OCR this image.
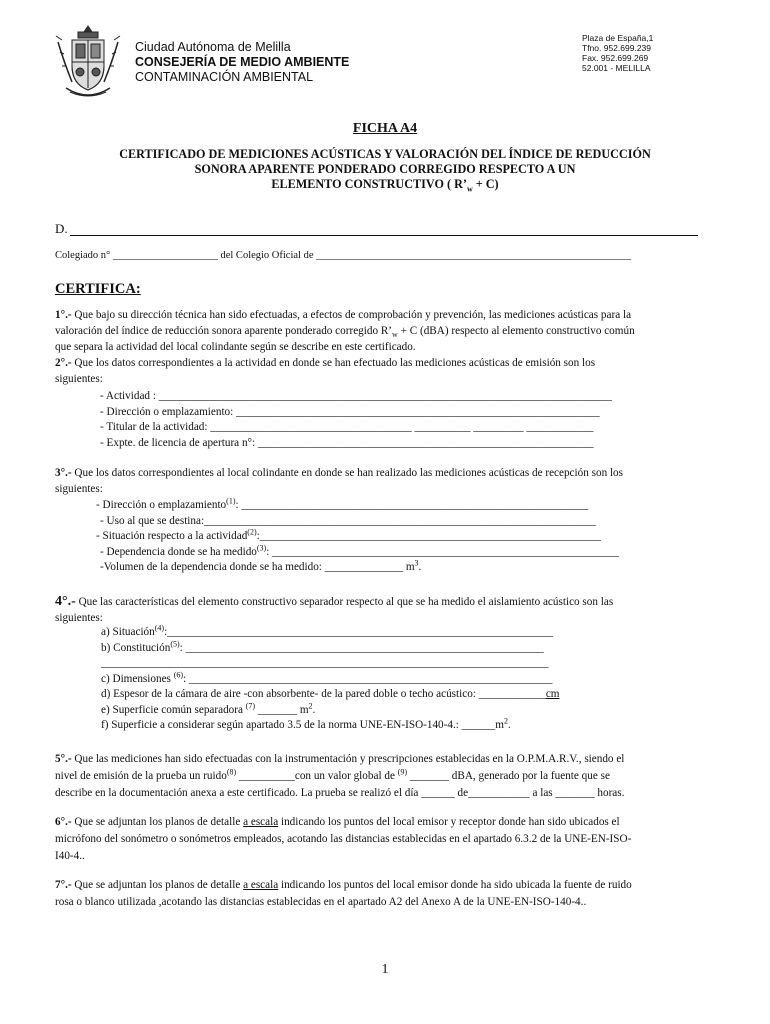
Ciudad Autónoma de Melilla
CONSEJERÍA DE MEDIO AMBIENTE
CONTAMINACIÓN AMBIENTAL
Plaza de España,1
Tfno. 952.699.239
Fax. 952.699.269
52.001 - MELILLA
FICHA A4
CERTIFICADO DE MEDICIONES ACÚSTICAS Y VALORACIÓN DEL ÍNDICE DE REDUCCIÓN
SONORA APARENTE PONDERADO CORREGIDO RESPECTO A UN
ELEMENTO CONSTRUCTIVO ( $R’_w + C$)
D.
Colegiado n° ____________________ del Colegio Oficial de ____________________________________________________________
CERTIFICA:
1°.- Que bajo su dirección técnica han sido efectuadas, a efectos de comprobación y prevención, las mediciones acústicas para la
valoración del índice de reducción sonora aparente ponderado corregido $R’_w + C$ (dBA) respecto al elemento constructivo común
que separa la actividad del local colindante según se describe en este certificado.
2°.- Que los datos correspondientes a la actividad en donde se han efectuado las mediciones acústicas de emisión son los
siguientes:
- Actividad : _________________________________________________________________________________
- Dirección o emplazamiento: _________________________________________________________________
- Titular de la actividad: ____________________________________ __________ _________ ____________
- Expte. de licencia de apertura n°: ____________________________________________________________
3°.- Que los datos correspondientes al local colindante en donde se han realizado las mediciones acústicas de recepción son los
siguientes:
- Dirección o emplazamiento$^{(1)}$: ______________________________________________________________
- Uso al que se destina:______________________________________________________________________
- Situación respecto a la actividad$^{(2)}$:_____________________________________________________________
- Dependencia donde se ha medido$^{(3)}$: ______________________________________________________________
-Volumen de la dependencia donde se ha medido: ______________ $m^3$.
4°.- Que las características del elemento constructivo separador respecto al que se ha medido el aislamiento acústico son las
siguientes:
a) Situación$^{(4)}$:_____________________________________________________________________
b) Constitución$^{(5)}$: ________________________________________________________________
________________________________________________________________________________
c) Dimensiones $^{(6)}$: _________________________________________________________________
d) Espesor de la cámara de aire -con absorbente- de la pared doble o techo acústico: ____________cm
e) Superficie común separadora $^{(7)}$ _______ $m^2$.
f) Superficie a considerar según apartado 3.5 de la norma UNE-EN-ISO-140-4.: $\_\_\_\_\_\_m^2$.
5°.- Que las mediciones han sido efectuadas con la instrumentación y prescripciones establecidas en la O.P.M.A.R.V., siendo el
nivel de emisión de la prueba un ruido$^{(8)}$ __________con un valor global de $^{(9)}$ _______ dBA, generado por la fuente que se
describe en la documentación anexa a este certificado. La prueba se realizó el día ______ de___________ a las _______ horas.
6°.- Que se adjuntan los planos de detalle a escala indicando los puntos del local emisor y receptor donde han sido ubicados el
micrófono del sonómetro o sonómetros empleados, acotando las distancias establecidas en el apartado 6.3.2 de la UNE-EN-ISO-
I40-4..
7°.- Que se adjuntan los planos de detalle a escala indicando los puntos del local emisor donde ha sido ubicada la fuente de ruido
rosa o blanco utilizada ,acotando las distancias establecidas en el apartado A2 del Anexo A de la UNE-EN-ISO-140-4..
1
